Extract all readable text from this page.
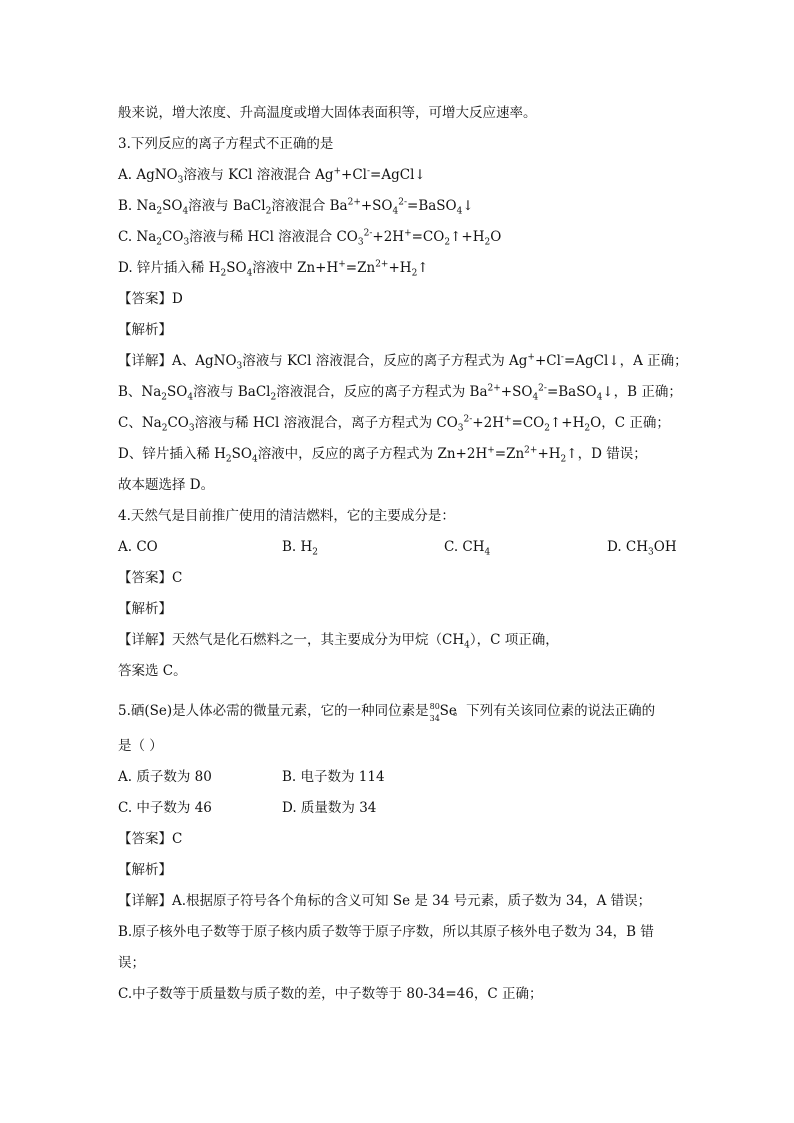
般来说，增大浓度、升高温度或增大固体表面积等，可增大反应速率。
3.下列反应的离子方程式不正确的是
A. AgNO$_3$溶液与 KCl 溶液混合 Ag++Cl-=AgCl↓
B. $Na_2SO_4$溶液与 BaCl$_2$溶液混合 $Ba^{2+}+SO_4^{2-}=BaSO_4↓$
C. $Na_2CO_3$溶液与稀 HCl 溶液混合 $CO_3^{2-}+2H^+=CO_2↑+H_2O$
D. 锌片插入稀 $H_2SO_4$溶液中 $Zn+H^+=Zn^{2+}+H_2↑$
【答案】D
【解析】
【详解】A、AgNO$_3$溶液与 KCl 溶液混合，反应的离子方程式为 Ag++Cl-=AgCl↓，A 正确；
B、$Na_2SO_4$溶液与 BaCl$_2$溶液混合，反应的离子方程式为 $Ba^{2+}+SO_4^{2-}=BaSO_4↓$，B 正确；
C、$Na_2CO_3$溶液与稀 HCl 溶液混合，离子方程式为 $CO_3^{2-}+2H^+=CO_2↑+H_2O$，C 正确；
D、锌片插入稀 $H_2SO_4$溶液中，反应的离子方程式为 $Zn+2H^+=Zn^{2+}+H_2↑$，D 错误；
故本题选择 D。
4.天然气是目前推广使用的清洁燃料，它的主要成分是：
A. CO	B. $H_2$	C. $CH_4$	D. $CH_3OH$
【答案】C
【解析】
【详解】天然气是化石燃料之一，其主要成分为甲烷$(CH_4)$，C 项正确，
答案选 C。
5.硒(Se)是人体必需的微量元素，它的一种同位素是 80
34 Se
。下列有关该同位素的说法正确的
是（ ）
A. 质子数为 80	B. 电子数为 114
C. 中子数为 46	D. 质量数为 34
【答案】C
【解析】
【详解】A.根据原子符号各个角标的含义可知 Se 是 34 号元素，质子数为 34，A 错误；
B.原子核外电子数等于原子核内质子数等于原子序数，所以其原子核外电子数为 34，B 错
误；
C.中子数等于质量数与质子数的差，中子数等于 80-34=46，C 正确；
